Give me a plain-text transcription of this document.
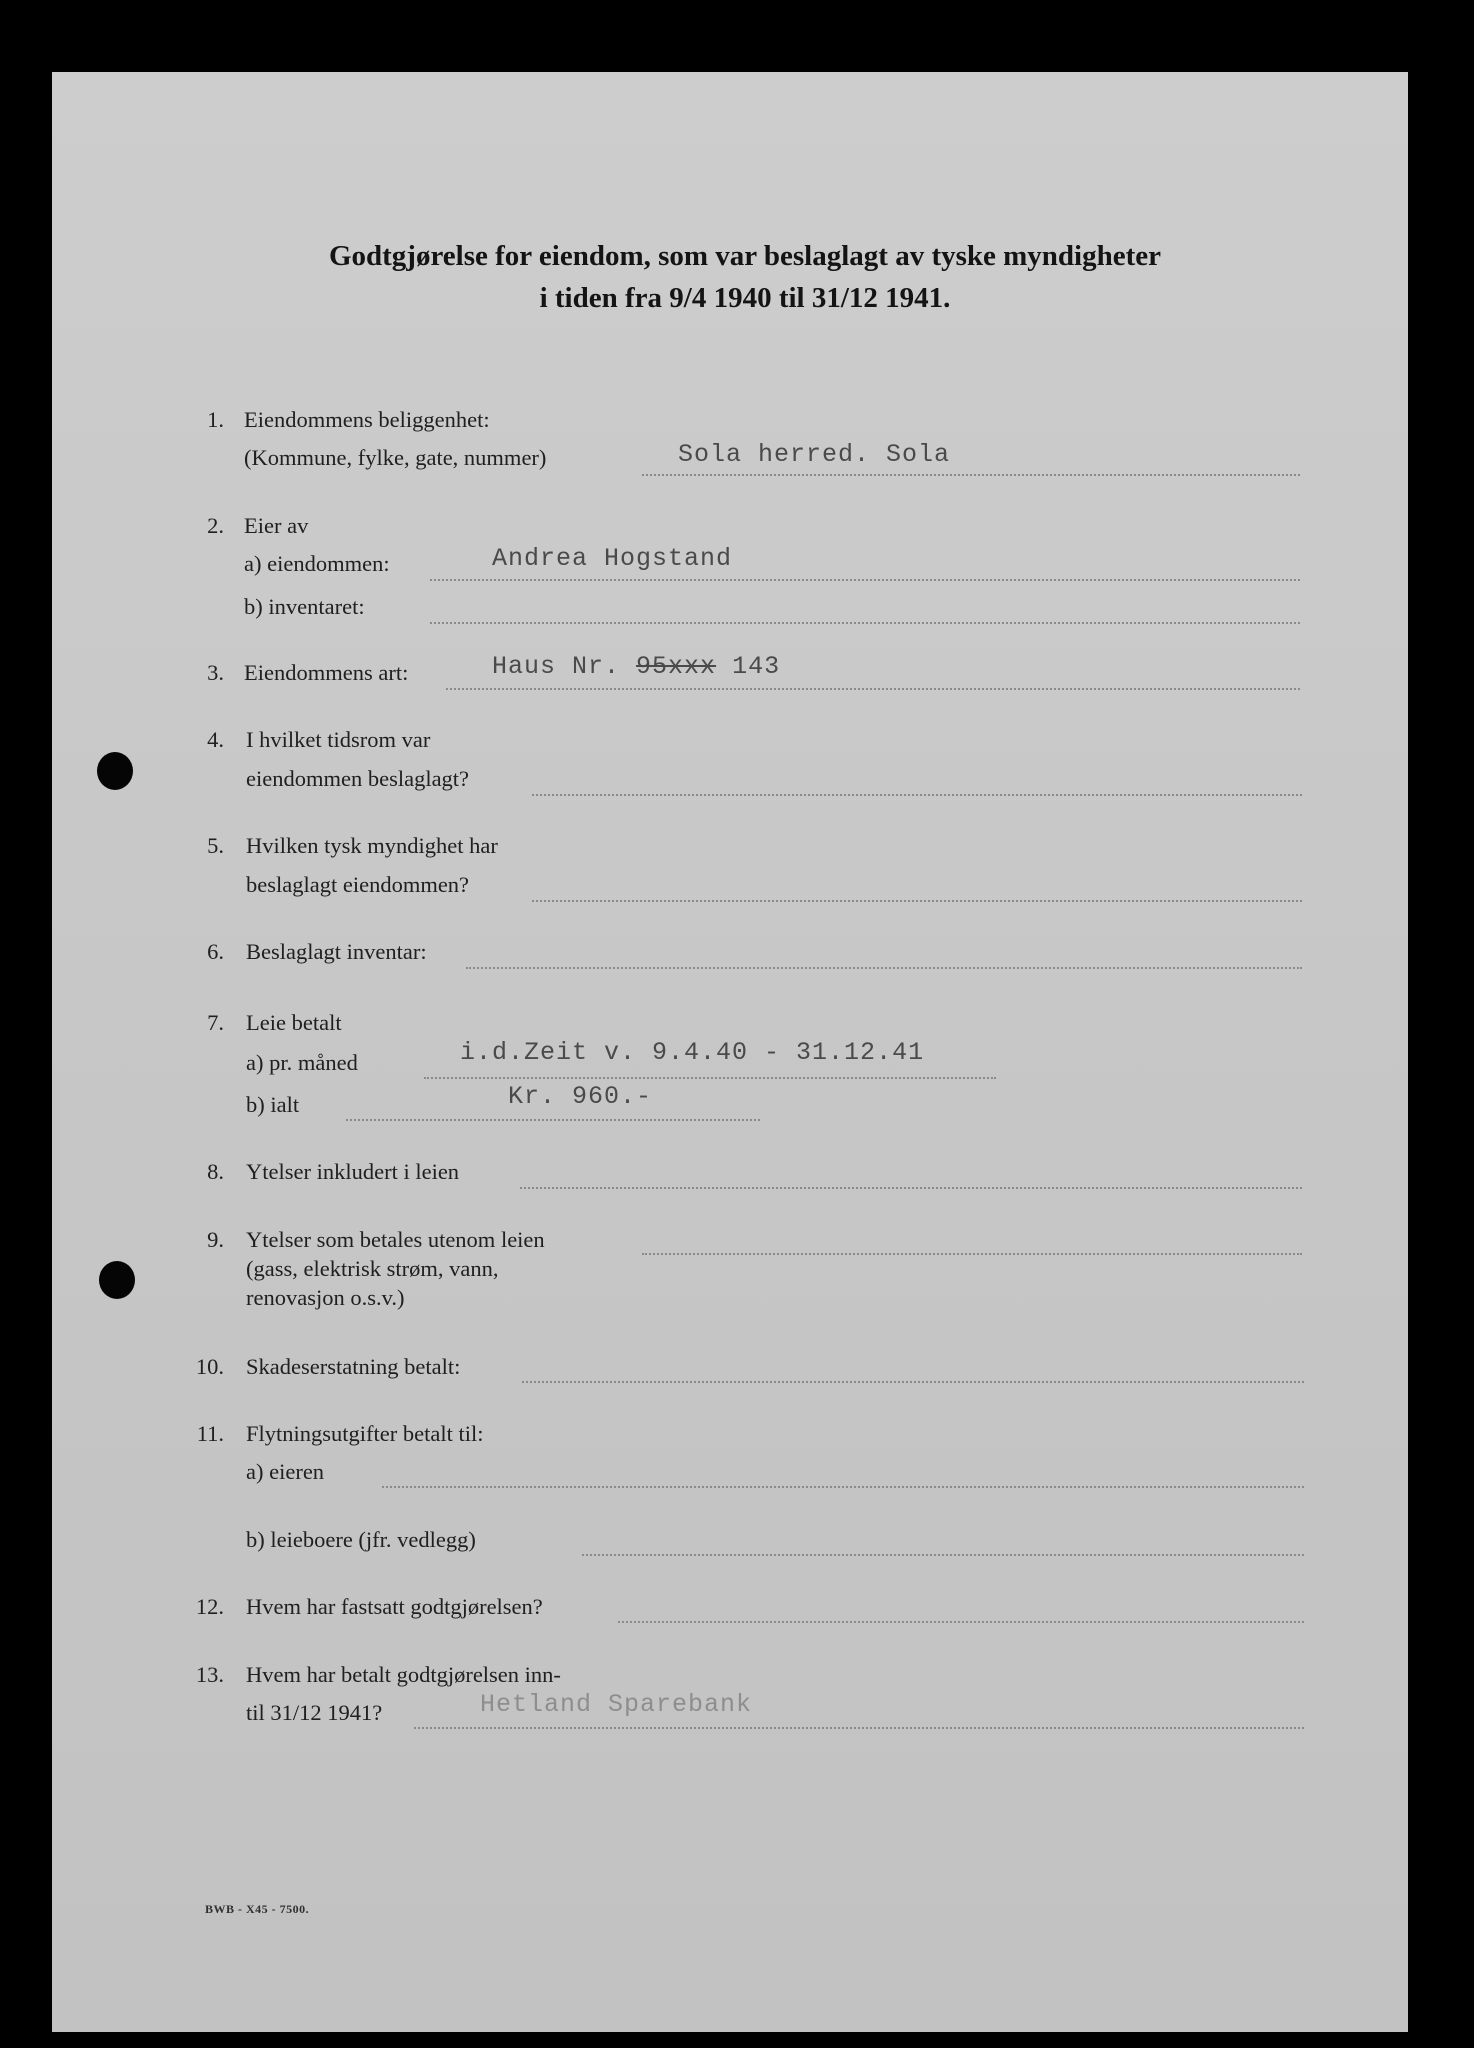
Godtgjørelse for eiendom, som var beslaglagt av tyske myndigheter
i tiden fra 9/4 1940 til 31/12 1941.
1. Eiendommens beliggenhet:
(Kommune, fylke, gate, nummer)	Sola herred. Sola
2. Eier av
a) eiendommen:	Andrea Hogstand
b) inventaret:
3. Eiendommens art:	Haus Nr. 95xxx 143
4. I hvilket tidsrom var
eiendommen beslaglagt?
5. Hvilken tysk myndighet har
beslaglagt eiendommen?
6. Beslaglagt inventar:
7. Leie betalt
a) pr. måned	i.d.Zeit v. 9.4.40 - 31.12.41
b) ialt	Kr. 960.-
8. Ytelser inkludert i leien
9. Ytelser som betales utenom leien
(gass, elektrisk strøm, vann,
renovasjon o.s.v.)
10. Skadeserstatning betalt:
11. Flytningsutgifter betalt til:
a) eieren
b) leieboere (jfr. vedlegg)
12. Hvem har fastsatt godtgjørelsen?
13. Hvem har betalt godtgjørelsen inn-
til 31/12 1941?	Hetland Sparebank
BWB - X45 - 7500.
